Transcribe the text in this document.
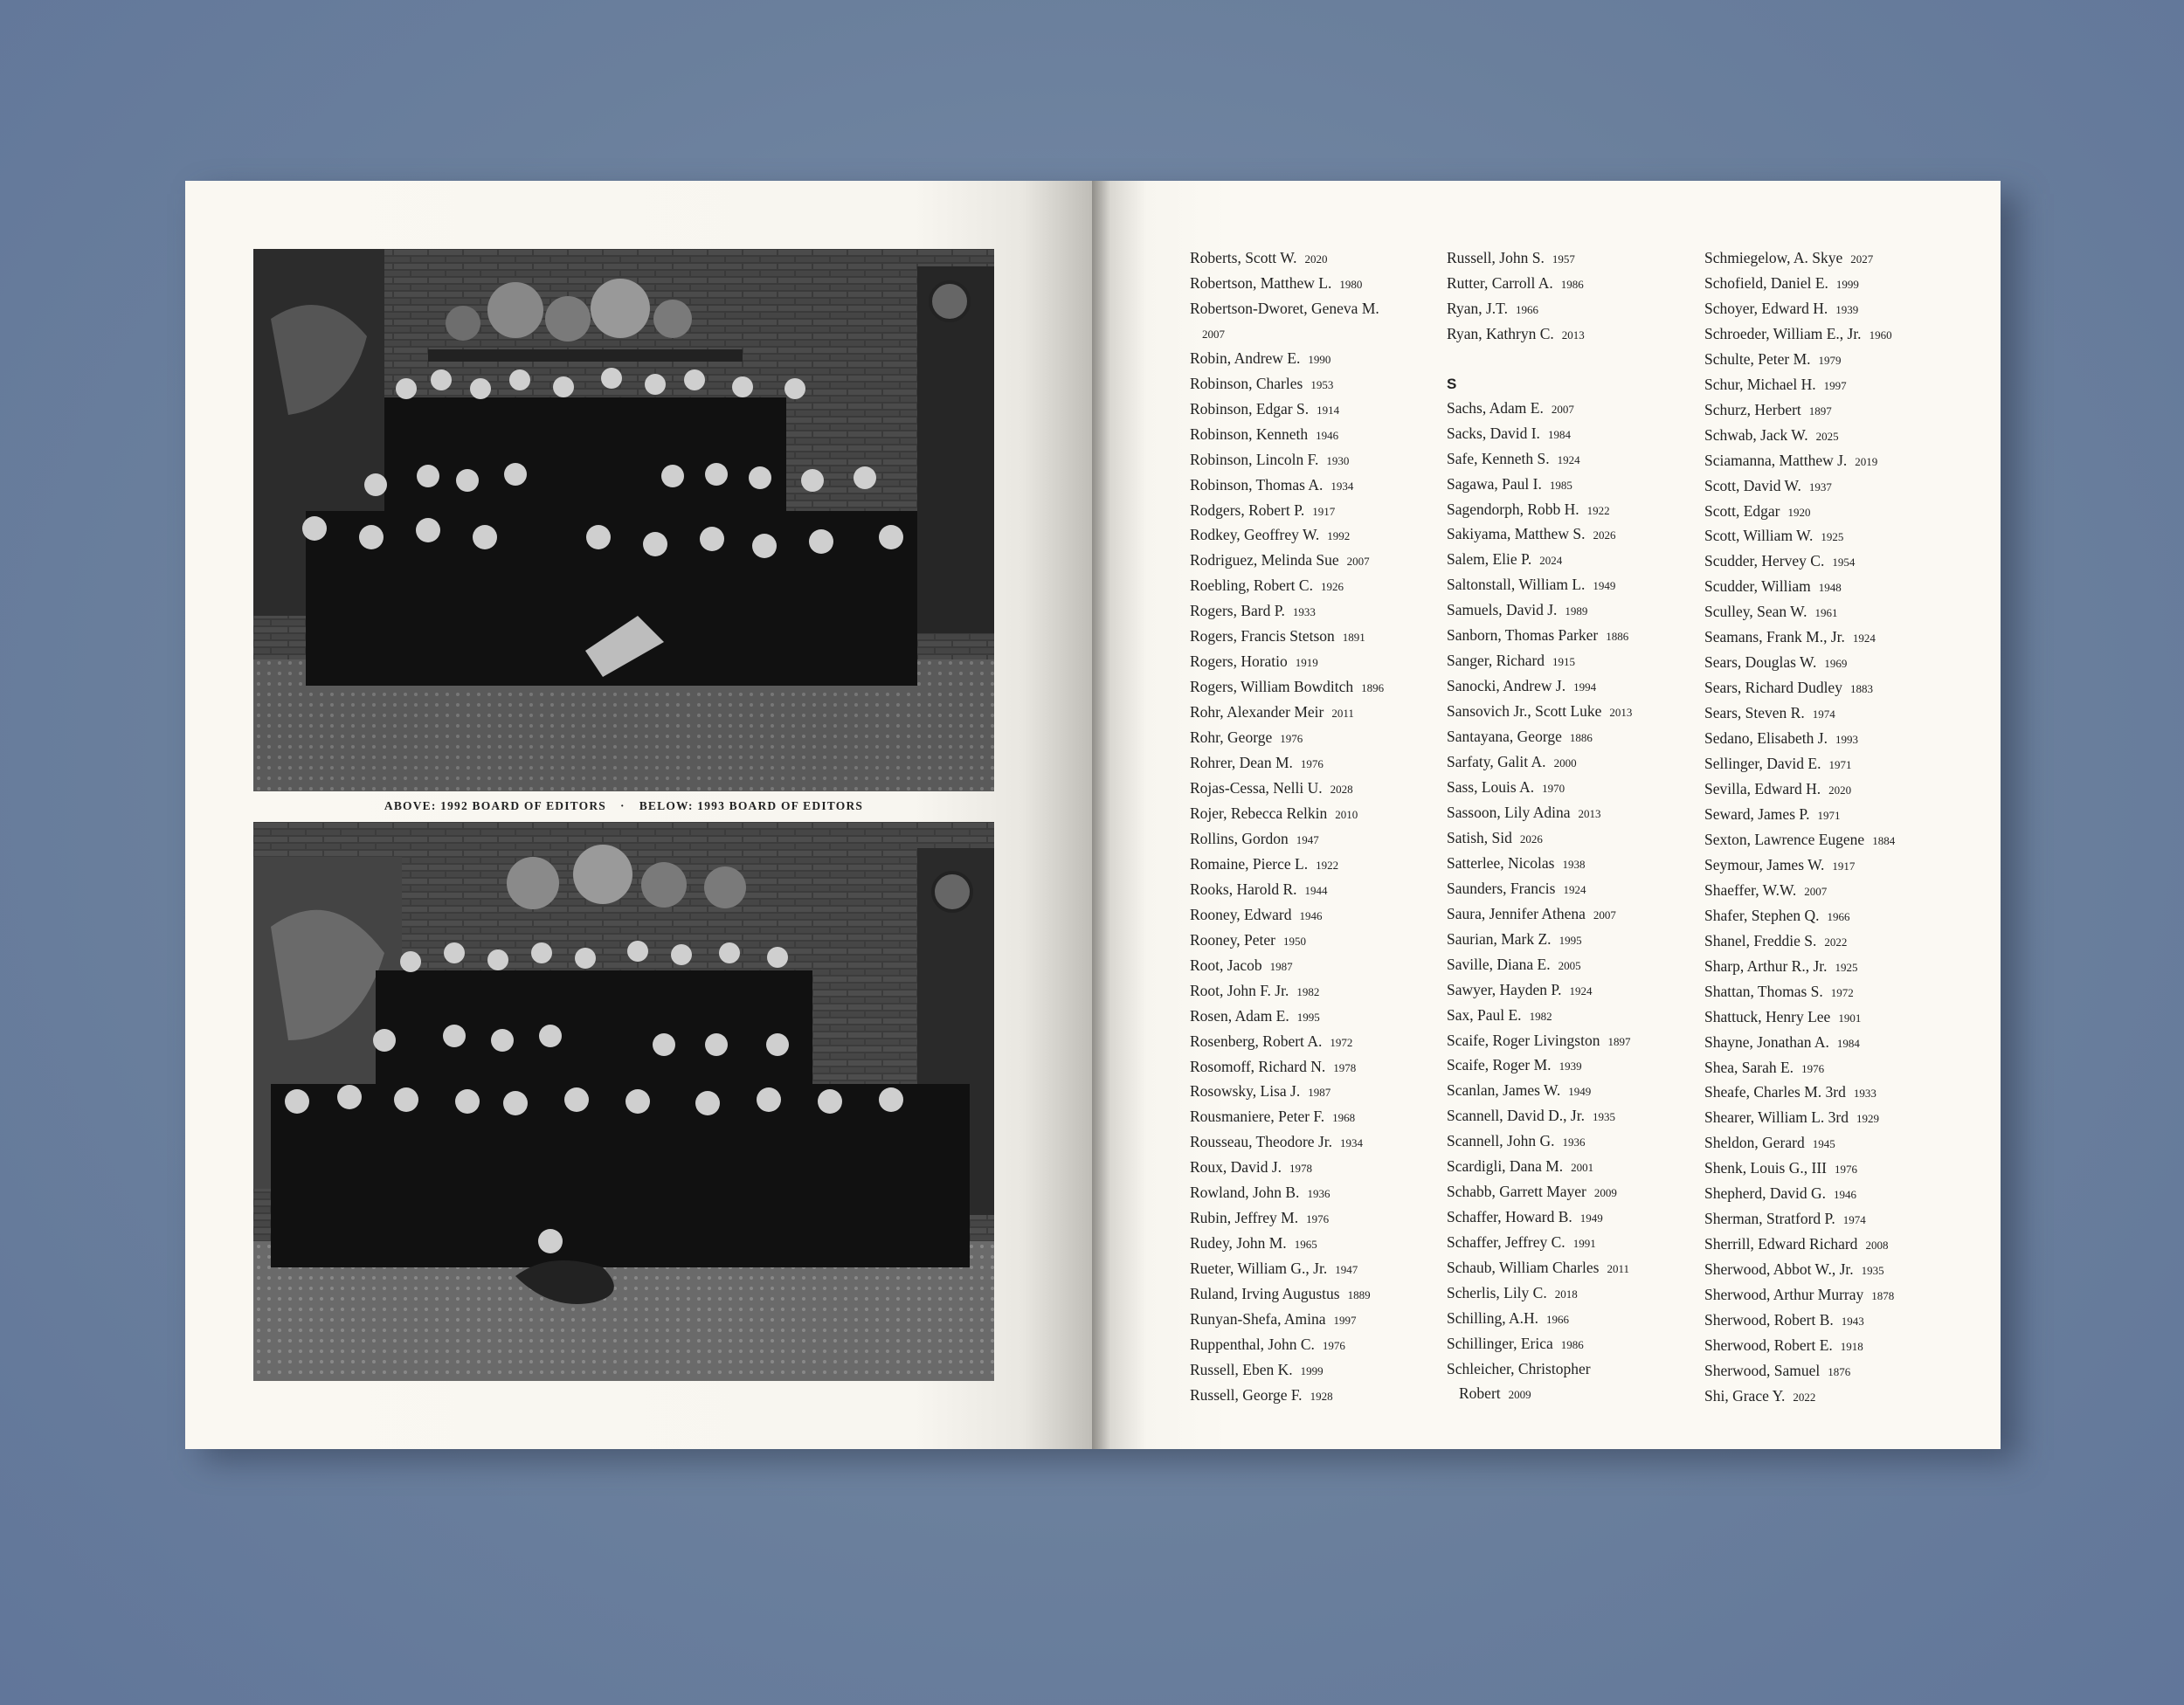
ABOVE: 1992 BOARD OF EDITORS · BELOW: 1993 BOARD OF EDITORS
Roberts, Scott W. 2020
Robertson, Matthew L. 1980
Robertson-Dworet, Geneva M.
2007
Robin, Andrew E. 1990
Robinson, Charles 1953
Robinson, Edgar S. 1914
Robinson, Kenneth 1946
Robinson, Lincoln F. 1930
Robinson, Thomas A. 1934
Rodgers, Robert P. 1917
Rodkey, Geoffrey W. 1992
Rodriguez, Melinda Sue 2007
Roebling, Robert C. 1926
Rogers, Bard P. 1933
Rogers, Francis Stetson 1891
Rogers, Horatio 1919
Rogers, William Bowditch 1896
Rohr, Alexander Meir 2011
Rohr, George 1976
Rohrer, Dean M. 1976
Rojas-Cessa, Nelli U. 2028
Rojer, Rebecca Relkin 2010
Rollins, Gordon 1947
Romaine, Pierce L. 1922
Rooks, Harold R. 1944
Rooney, Edward 1946
Rooney, Peter 1950
Root, Jacob 1987
Root, John F. Jr. 1982
Rosen, Adam E. 1995
Rosenberg, Robert A. 1972
Rosomoff, Richard N. 1978
Rosowsky, Lisa J. 1987
Rousmaniere, Peter F. 1968
Rousseau, Theodore Jr. 1934
Roux, David J. 1978
Rowland, John B. 1936
Rubin, Jeffrey M. 1976
Rudey, John M. 1965
Rueter, William G., Jr. 1947
Ruland, Irving Augustus 1889
Runyan-Shefa, Amina 1997
Ruppenthal, John C. 1976
Russell, Eben K. 1999
Russell, George F. 1928
Russell, John S. 1957
Rutter, Carroll A. 1986
Ryan, J.T. 1966
Ryan, Kathryn C. 2013
S
Sachs, Adam E. 2007
Sacks, David I. 1984
Safe, Kenneth S. 1924
Sagawa, Paul I. 1985
Sagendorph, Robb H. 1922
Sakiyama, Matthew S. 2026
Salem, Elie P. 2024
Saltonstall, William L. 1949
Samuels, David J. 1989
Sanborn, Thomas Parker 1886
Sanger, Richard 1915
Sanocki, Andrew J. 1994
Sansovich Jr., Scott Luke 2013
Santayana, George 1886
Sarfaty, Galit A. 2000
Sass, Louis A. 1970
Sassoon, Lily Adina 2013
Satish, Sid 2026
Satterlee, Nicolas 1938
Saunders, Francis 1924
Saura, Jennifer Athena 2007
Saurian, Mark Z. 1995
Saville, Diana E. 2005
Sawyer, Hayden P. 1924
Sax, Paul E. 1982
Scaife, Roger Livingston 1897
Scaife, Roger M. 1939
Scanlan, James W. 1949
Scannell, David D., Jr. 1935
Scannell, John G. 1936
Scardigli, Dana M. 2001
Schabb, Garrett Mayer 2009
Schaffer, Howard B. 1949
Schaffer, Jeffrey C. 1991
Schaub, William Charles 2011
Scherlis, Lily C. 2018
Schilling, A.H. 1966
Schillinger, Erica 1986
Schleicher, Christopher
Robert 2009
Schmiegelow, A. Skye 2027
Schofield, Daniel E. 1999
Schoyer, Edward H. 1939
Schroeder, William E., Jr. 1960
Schulte, Peter M. 1979
Schur, Michael H. 1997
Schurz, Herbert 1897
Schwab, Jack W. 2025
Sciamanna, Matthew J. 2019
Scott, David W. 1937
Scott, Edgar 1920
Scott, William W. 1925
Scudder, Hervey C. 1954
Scudder, William 1948
Sculley, Sean W. 1961
Seamans, Frank M., Jr. 1924
Sears, Douglas W. 1969
Sears, Richard Dudley 1883
Sears, Steven R. 1974
Sedano, Elisabeth J. 1993
Sellinger, David E. 1971
Sevilla, Edward H. 2020
Seward, James P. 1971
Sexton, Lawrence Eugene 1884
Seymour, James W. 1917
Shaeffer, W.W. 2007
Shafer, Stephen Q. 1966
Shanel, Freddie S. 2022
Sharp, Arthur R., Jr. 1925
Shattan, Thomas S. 1972
Shattuck, Henry Lee 1901
Shayne, Jonathan A. 1984
Shea, Sarah E. 1976
Sheafe, Charles M. 3rd 1933
Shearer, William L. 3rd 1929
Sheldon, Gerard 1945
Shenk, Louis G., III 1976
Shepherd, David G. 1946
Sherman, Stratford P. 1974
Sherrill, Edward Richard 2008
Sherwood, Abbot W., Jr. 1935
Sherwood, Arthur Murray 1878
Sherwood, Robert B. 1943
Sherwood, Robert E. 1918
Sherwood, Samuel 1876
Shi, Grace Y. 2022
